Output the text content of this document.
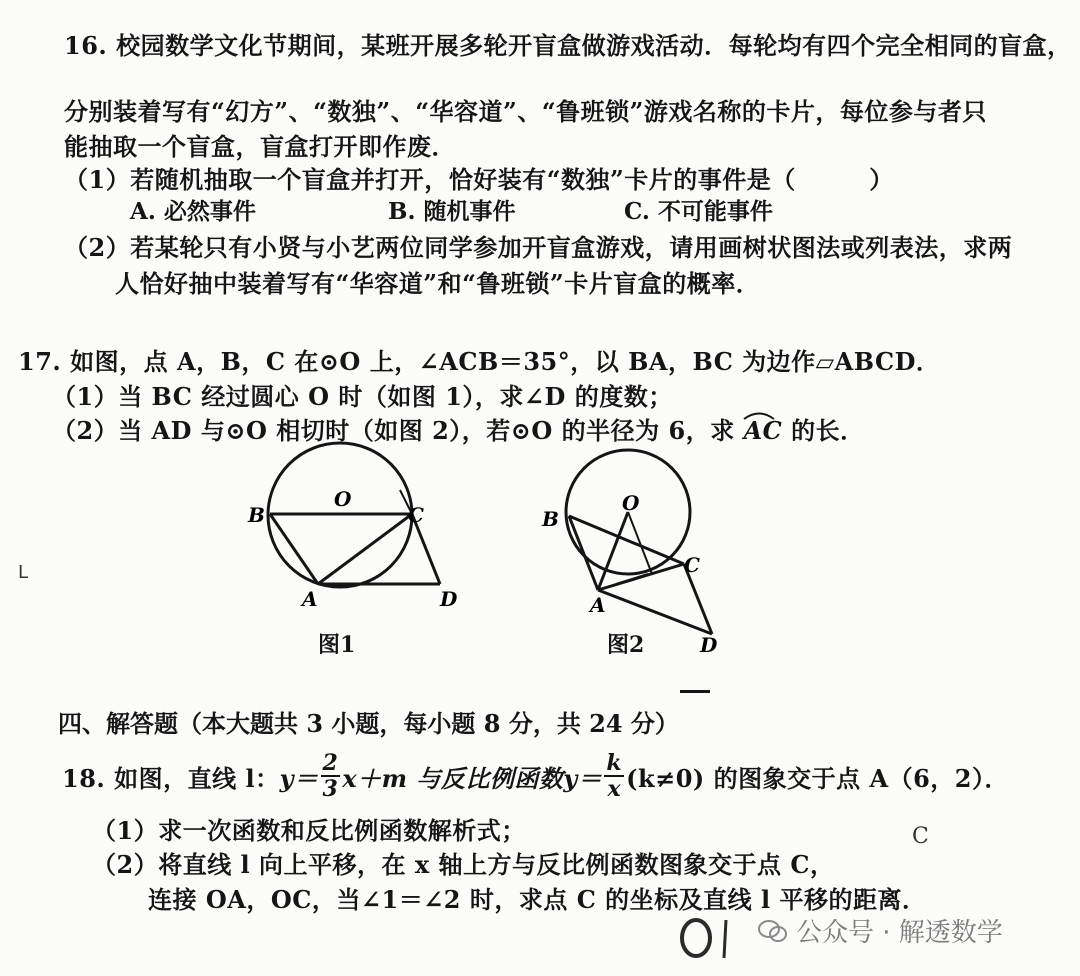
16. 校园数学文化节期间，某班开展多轮开盲盒做游戏活动．每轮均有四个完全相同的盲盒，
分别装着写有“幻方”、“数独”、“华容道”、“鲁班锁”游戏名称的卡片，每位参与者只
能抽取一个盲盒，盲盒打开即作废．
（1）若随机抽取一个盲盒并打开，恰好装有“数独”卡片的事件是（　　　）
A. 必然事件	B. 随机事件	C. 不可能事件
（2）若某轮只有小贤与小艺两位同学参加开盲盒游戏，请用画树状图法或列表法，求两
人恰好抽中装着写有“华容道”和“鲁班锁”卡片盲盒的概率．
17. 如图，点 A，B，C 在⊙O 上，∠ACB＝35°，以 BA，BC 为边作▱ABCD．
（1）当 BC 经过圆心 O 时（如图 1），求∠D 的度数；
（2）当 AD 与⊙O 相切时（如图 2），若⊙O 的半径为 6，求
AC 的长．
B
O
C
A	D
图1
B
O
C
A
D
图2
四、解答题（本大题共 3 小题，每小题 8 分，共 24 分）
18. 如图，直线 l： $y= \frac{2}{3} x+m$ 与反比例函数 $y= \frac{k}{x} (k\ne 0)$ 的图象交于点 A（6，2）．
（1）求一次函数和反比例函数解析式；
（2）将直线 l 向上平移，在 x 轴上方与反比例函数图象交于点 C，
连接 OA，OC，当∠1＝∠2 时，求点 C 的坐标及直线 l 平移的距离．
C
L
公众号 · 解透数学
